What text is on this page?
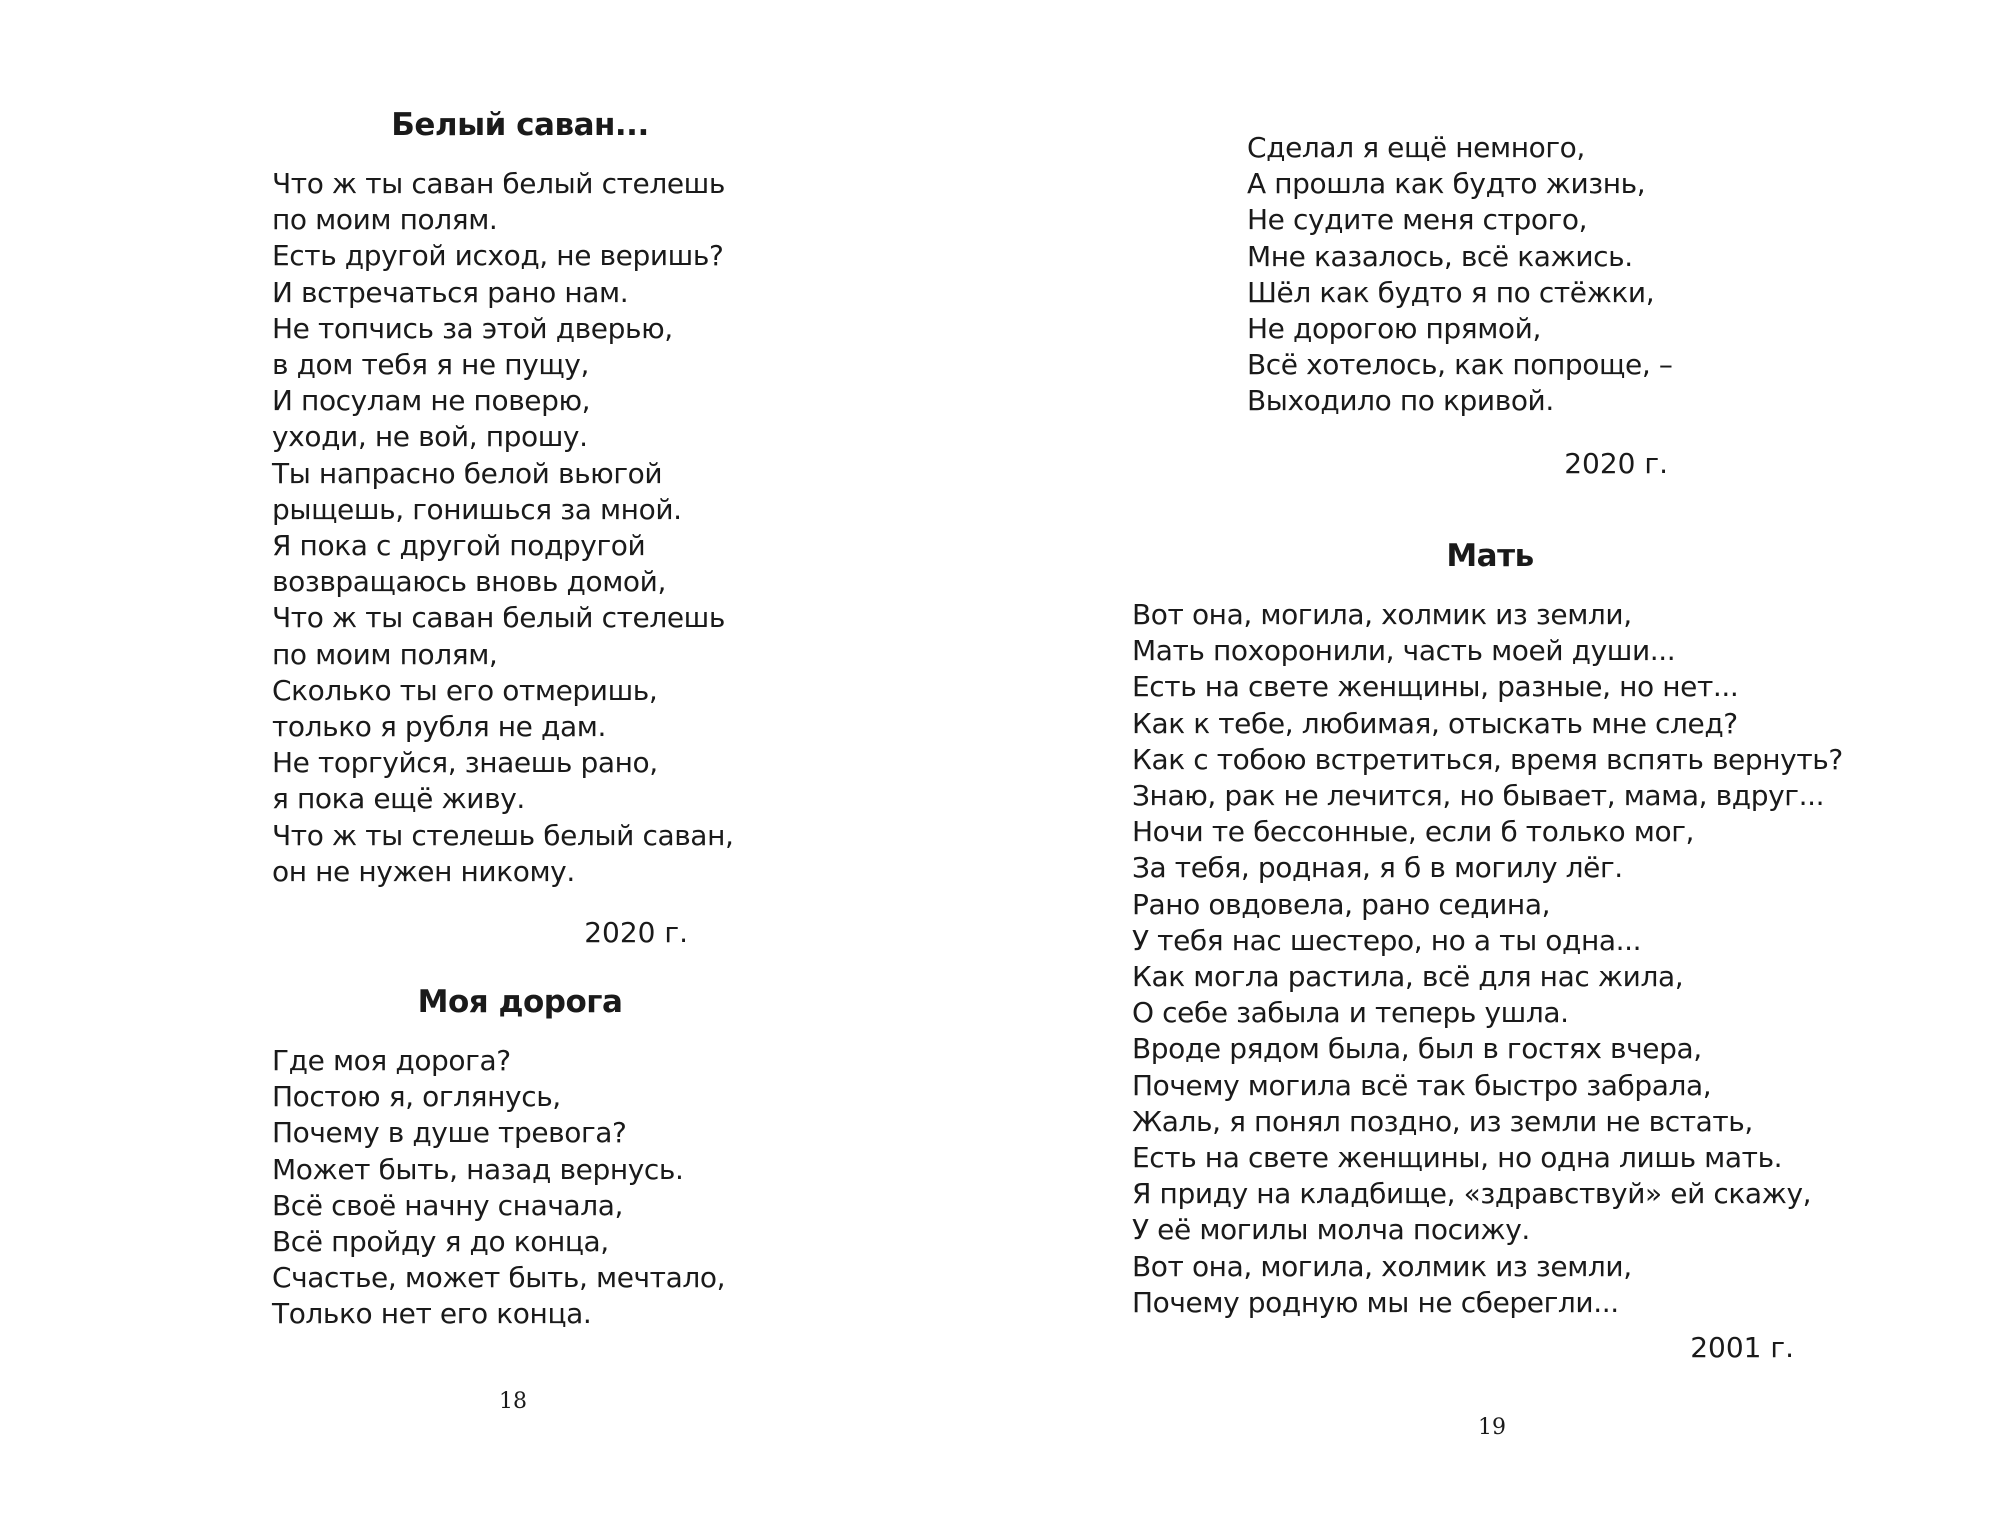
Белый саван...
Что ж ты саван белый стелешь
по моим полям.
Есть другой исход, не веришь?
И встречаться рано нам.
Не топчись за этой дверью,
в дом тебя я не пущу,
И посулам не поверю,
уходи, не вой, прошу.
Ты напрасно белой вьюгой
рыщешь, гонишься за мной.
Я пока с другой подругой
возвращаюсь вновь домой,
Что ж ты саван белый стелешь
по моим полям,
Сколько ты его отмеришь,
только я рубля не дам.
Не торгуйся, знаешь рано,
я пока ещё живу.
Что ж ты стелешь белый саван,
он не нужен никому.
2020 г.
Моя дорога
Где моя дорога?
Постою я, оглянусь,
Почему в душе тревога?
Может быть, назад вернусь.
Всё своё начну сначала,
Всё пройду я до конца,
Счастье, может быть, мечтало,
Только нет его конца.
18
Сделал я ещё немного,
А прошла как будто жизнь,
Не судите меня строго,
Мне казалось, всё кажись.
Шёл как будто я по стёжки,
Не дорогою прямой,
Всё хотелось, как попроще, –
Выходило по кривой.
2020 г.
Мать
Вот она, могила, холмик из земли,
Мать похоронили, часть моей души...
Есть на свете женщины, разные, но нет...
Как к тебе, любимая, отыскать мне след?
Как с тобою встретиться, время вспять вернуть?
Знаю, рак не лечится, но бывает, мама, вдруг...
Ночи те бессонные, если б только мог,
За тебя, родная, я б в могилу лёг.
Рано овдовела, рано седина,
У тебя нас шестеро, но а ты одна...
Как могла растила, всё для нас жила,
О себе забыла и теперь ушла.
Вроде рядом была, был в гостях вчера,
Почему могила всё так быстро забрала,
Жаль, я понял поздно, из земли не встать,
Есть на свете женщины, но одна лишь мать.
Я приду на кладбище, «здравствуй» ей скажу,
У её могилы молча посижу.
Вот она, могила, холмик из земли,
Почему родную мы не сберегли...
2001 г.
19
